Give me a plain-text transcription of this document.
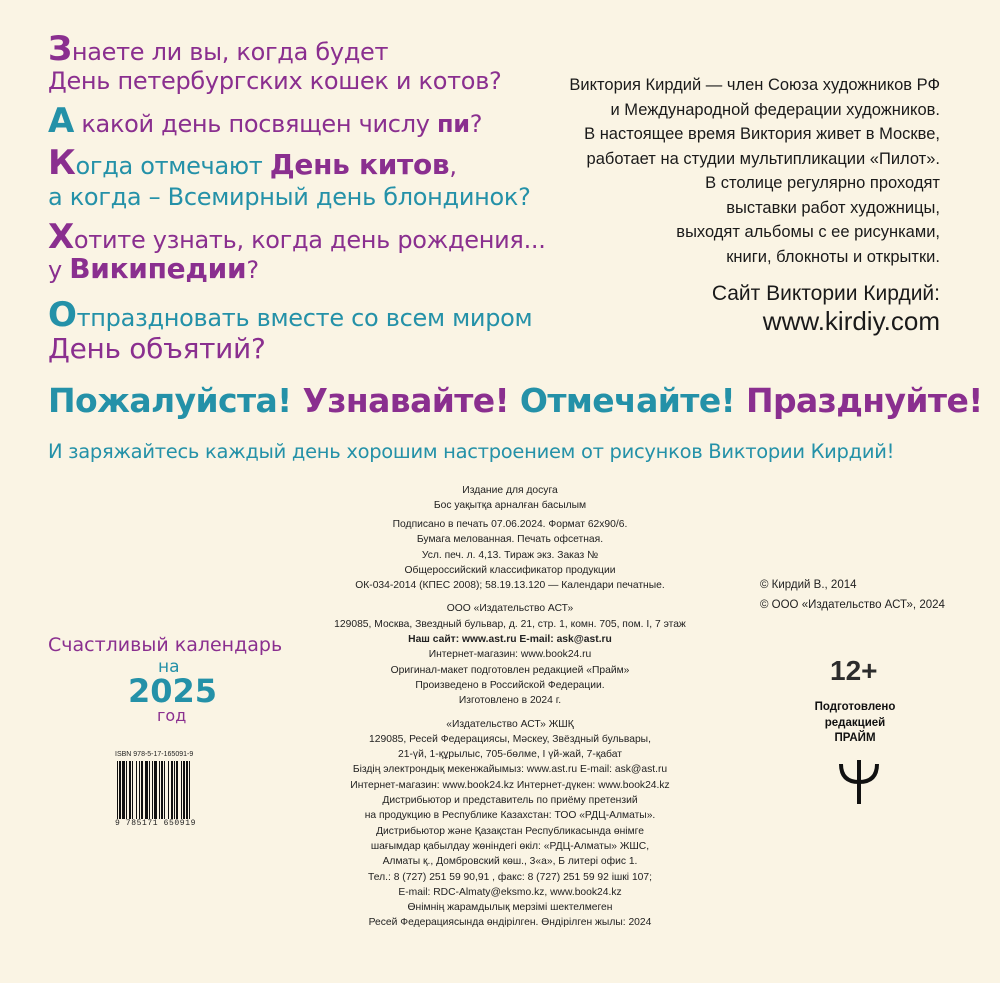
Знаете ли вы, когда будет
День петербургских кошек и котов?
А какой день посвящен числу пи?
Когда отмечают День китов,
а когда – Всемирный день блондинок?
Хотите узнать, когда день рождения...
у Википедии?
Отпраздновать вместе со всем миром
День объятий?
Виктория Кирдий — член Союза художников РФ
и Международной федерации художников.
В настоящее время Виктория живет в Москве,
работает на студии мультипликации «Пилот».
В столице регулярно проходят
выставки работ художницы,
выходят альбомы с ее рисунками,
книги, блокноты и открытки.
Сайт Виктории Кирдий:
www.kirdiy.com
Пожалуйста! Узнавайте! Отмечайте! Празднуйте!
И заряжайтесь каждый день хорошим настроением от рисунков Виктории Кирдий!
Издание для досуга
Бос уақытқа арналған басылым
Подписано в печать 07.06.2024. Формат 62х90/6.
Бумага мелованная. Печать офсетная.
Усл. печ. л. 4,13. Тираж экз. Заказ №
Общероссийский классификатор продукции
ОК-034-2014 (КПЕС 2008); 58.19.13.120 — Календари печатные.
ООО «Издательство АСТ»
129085, Москва, Звездный бульвар, д. 21, стр. 1, комн. 705, пом. I, 7 этаж
Наш сайт: www.ast.ru E-mail: ask@ast.ru
Интернет-магазин: www.book24.ru
Оригинал-макет подготовлен редакцией «Прайм»
Произведено в Российской Федерации.
Изготовлено в 2024 г.
«Издательство АСТ» ЖШҚ
129085, Ресей Федерациясы, Мәскеу, Звёздный бульвары,
21-үй, 1-құрылыс, 705-бөлме, I үй-жай, 7-қабат
Біздің электрондық мекенжайымыз: www.ast.ru E-mail: ask@ast.ru
Интернет-магазин: www.book24.kz Интернет-дүкен: www.book24.kz
Дистрибьютор и представитель по приёму претензий
на продукцию в Республике Казахстан: ТОО «РДЦ-Алматы».
Дистрибьютор және Қазақстан Республикасында өнімге
шағымдар қабылдау жөніндегі өкіл: «РДЦ-Алматы» ЖШС,
Алматы қ., Домбровский көш., 3«а», Б литері офис 1.
Тел.: 8 (727) 251 59 90,91 , факс: 8 (727) 251 59 92 ішкі 107;
E-mail: RDC-Almaty@eksmo.kz, www.book24.kz
Өнімнің жарамдылық мерзімі шектелмеген
Ресей Федерациясында өндірілген. Өндірілген жылы: 2024
© Кирдий В., 2014
© ООО «Издательство АСТ», 2024
12+
Подготовлено
редакцией
ПРАЙМ
Счастливый календарь
на
2025
год
ISBN 978-5-17-165091-9
9 785171 650919
